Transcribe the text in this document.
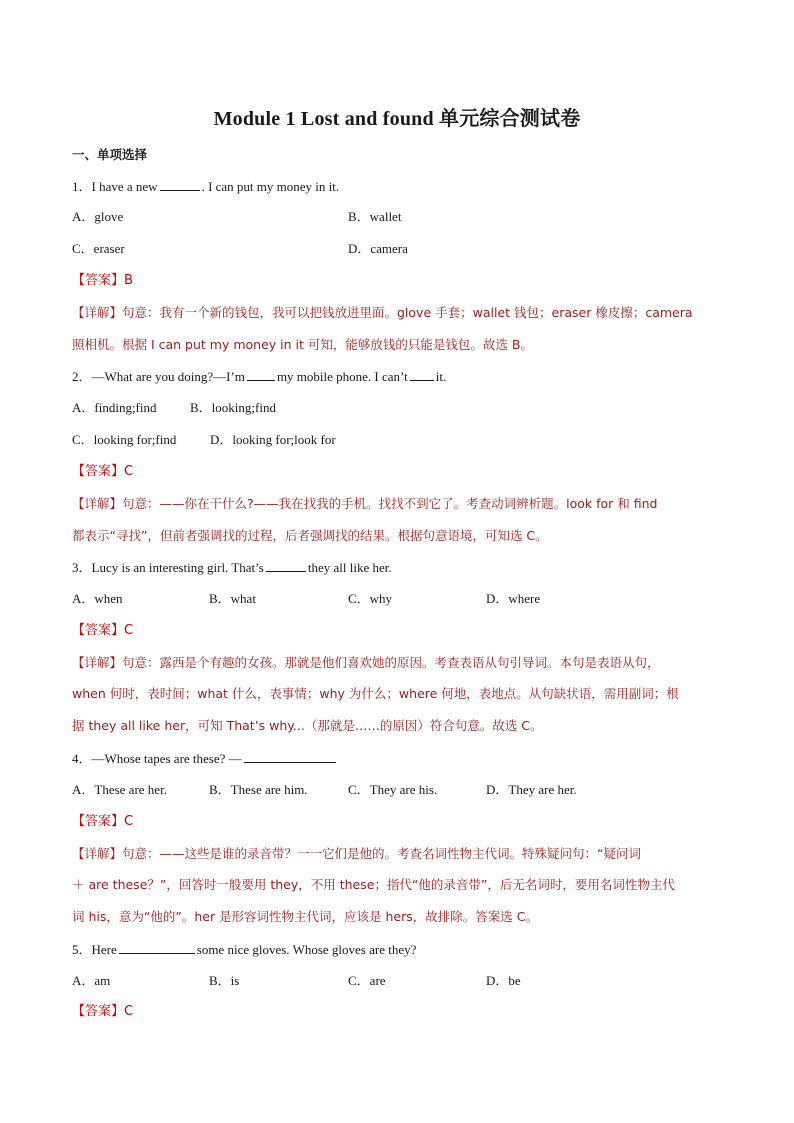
Module 1 Lost and found 单元综合测试卷
一、单项选择
1．I have a new	. I can put my money in it.
A．glove	B．wallet
C．eraser	D．camera
【答案】B
【详解】句意：我有一个新的钱包，我可以把钱放进里面。glove 手套；wallet 钱包；eraser 橡皮擦；camera
照相机。根据 I can put my money in it 可知，能够放钱的只能是钱包。故选 B。
2．—What are you doing?—I’m my mobile phone. I can’t it.
A．finding;find	B．looking;find
C．looking for;find	D．looking for;look for
【答案】C
【详解】句意：——你在干什么?——我在找我的手机。找找不到它了。考查动词辨析题。look for 和 find
都表示“寻找”，但前者强调找的过程，后者强调找的结果。根据句意语境，可知选 C。
3．Lucy is an interesting girl. That’s	they all like her.
A．when	B．what	C．why	D．where
【答案】C
【详解】句意：露西是个有趣的女孩。那就是他们喜欢她的原因。考查表语从句引导词。本句是表语从句，
when 何时，表时间；what 什么，表事情；why 为什么；where 何地，表地点。从句缺状语，需用副词；根
据 they all like her，可知 That’s why...（那就是……的原因）符合句意。故选 C。
4．—Whose tapes are these? —
A．These are her.	B．These are him.	C．They are his.	D．They are her.
【答案】C
【详解】句意：——这些是谁的录音带？一一它们是他的。考查名词性物主代词。特殊疑问句：“疑问词
＋ are these？”，回答时一般要用 they，不用 these；指代“他的录音带”，后无名词时，要用名词性物主代
词 his，意为“他的”。her 是形容词性物主代词，应该是 hers，故排除。答案选 C。
5．Here	some nice gloves. Whose gloves are they?
A．am	B．is	C．are	D．be
【答案】C
